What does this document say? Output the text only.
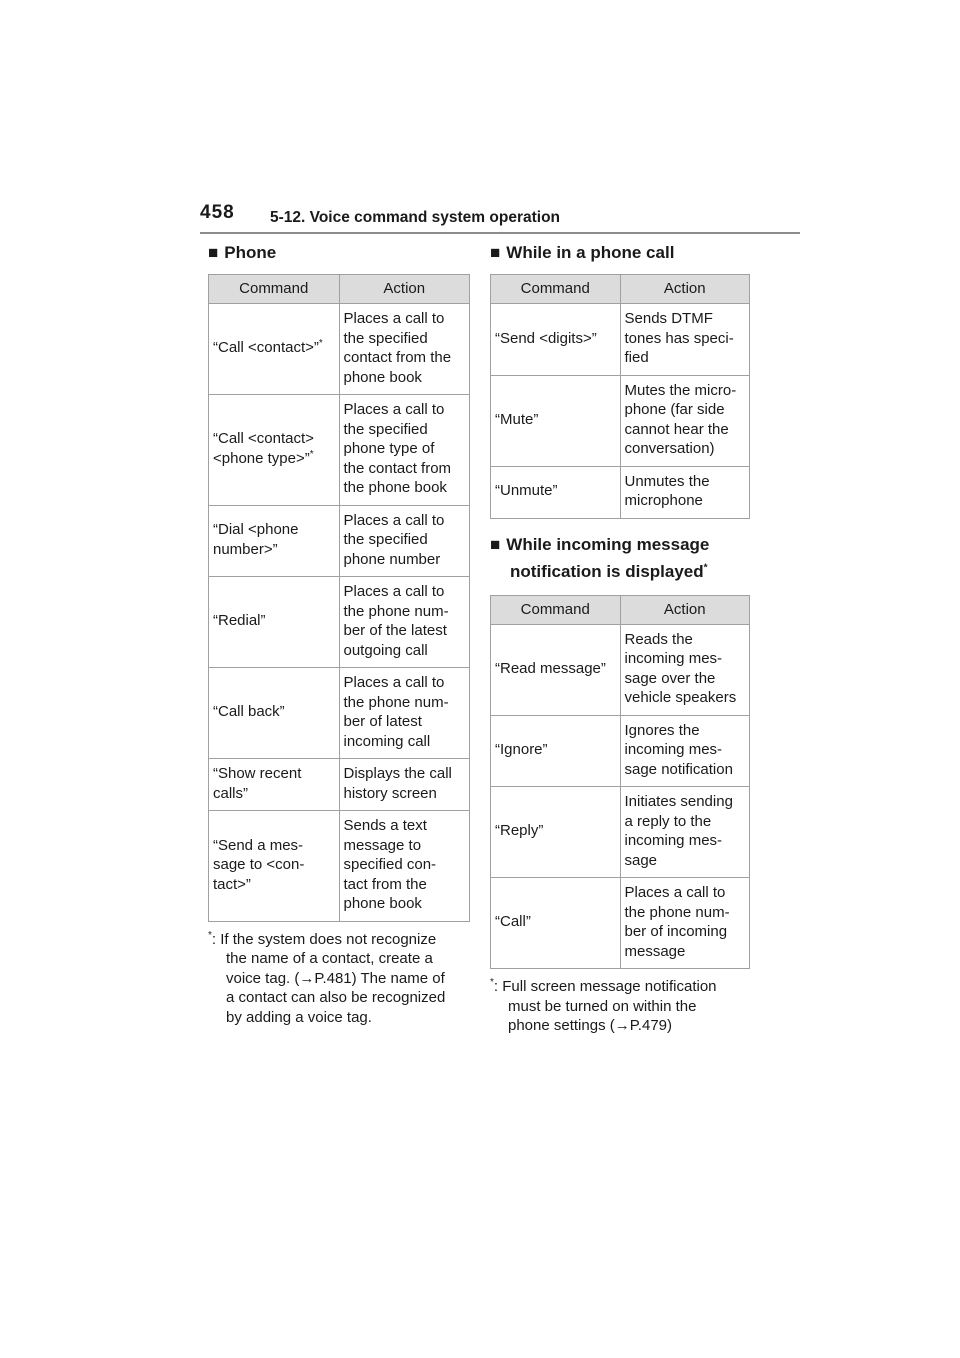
458 5-12. Voice command system operation

■ Phone

Command	Action

“Call <contact>”*	Places a call to
the specified
contact from the
phone book

“Call <contact>
<phone type>”*	Places a call to
the specified
phone type of
the contact from
the phone book

“Dial <phone
number>”	Places a call to
the specified
phone number

“Redial”	Places a call to
the phone num-
ber of the latest
outgoing call

“Call back”	Places a call to
the phone num-
ber of latest
incoming call

“Show recent
calls”	Displays the call
history screen

“Send a mes-
sage to <con-
tact>”	Sends a text
message to
specified con-
tact from the
phone book
*: If the system does not recognize
the name of a contact, create a
voice tag. (→P.481) The name of
a contact can also be recognized
by adding a voice tag.

■ While in a phone call

Command	Action

“Send <digits>”	Sends DTMF
tones has speci-
fied

“Mute”	Mutes the micro-
phone (far side
cannot hear the
conversation)

“Unmute”	Unmutes the
microphone

■ While incoming message
notification is displayed*

Command	Action

“Read message”	Reads the
incoming mes-
sage over the
vehicle speakers

“Ignore”	Ignores the
incoming mes-
sage notification

“Reply”	Initiates sending
a reply to the
incoming mes-
sage

“Call”	Places a call to
the phone num-
ber of incoming
message
*: Full screen message notification
must be turned on within the
phone settings (→P.479)
